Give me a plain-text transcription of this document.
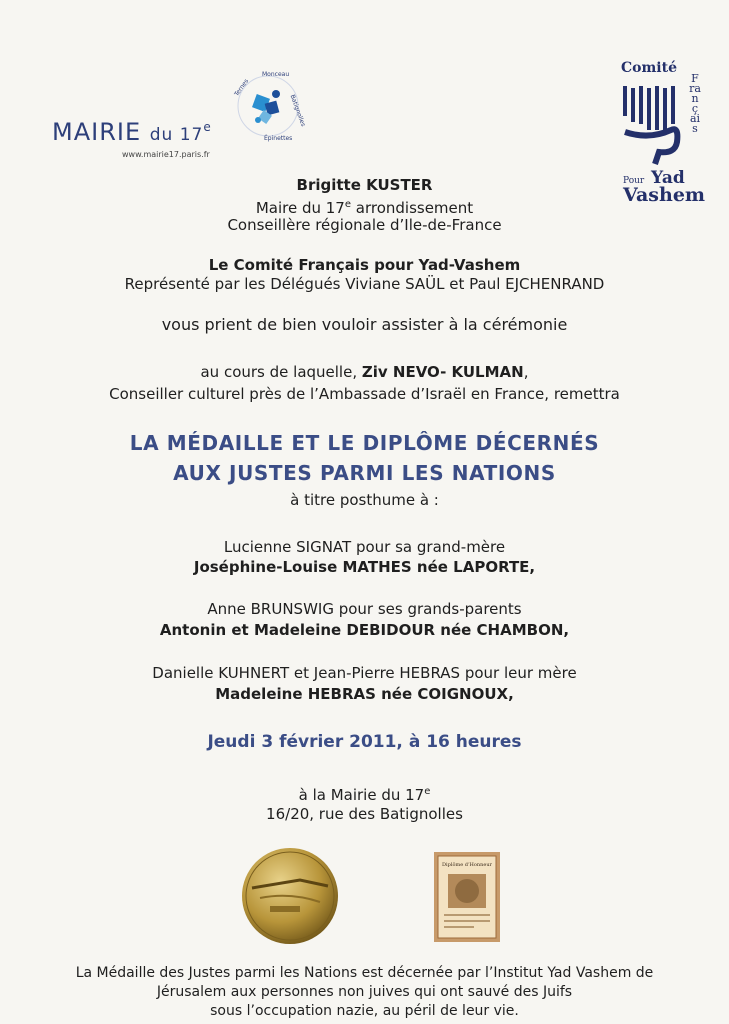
MAIRIE du 17e
www.mairie17.paris.fr
Ternes
Monceau
Batignolles
Épinettes
Comité
Français
Pour Yad
Vashem
Brigitte KUSTER
Maire du 17e arrondissement
Conseillère régionale d’Ile-de-France
Le Comité Français pour Yad-Vashem
Représenté par les Délégués Viviane SAÜL et Paul EJCHENRAND
vous prient de bien vouloir assister à la cérémonie
au cours de laquelle, Ziv NEVO- KULMAN,
Conseiller culturel près de l’Ambassade d’Israël en France, remettra
LA MÉDAILLE ET LE DIPLÔME DÉCERNÉS
AUX JUSTES PARMI LES NATIONS
à titre posthume à :
Lucienne SIGNAT pour sa grand-mère
Joséphine-Louise MATHES née LAPORTE,
Anne BRUNSWIG pour ses grands-parents
Antonin et Madeleine DEBIDOUR née CHAMBON,
Danielle KUHNERT et Jean-Pierre HEBRAS pour leur mère
Madeleine HEBRAS née COIGNOUX,
Jeudi 3 février 2011, à 16 heures
à la Mairie du 17e
16/20, rue des Batignolles
Diplôme d’Honneur
La Médaille des Justes parmi les Nations est décernée par l’Institut Yad Vashem de
Jérusalem aux personnes non juives qui ont sauvé des Juifs
sous l’occupation nazie, au péril de leur vie.
